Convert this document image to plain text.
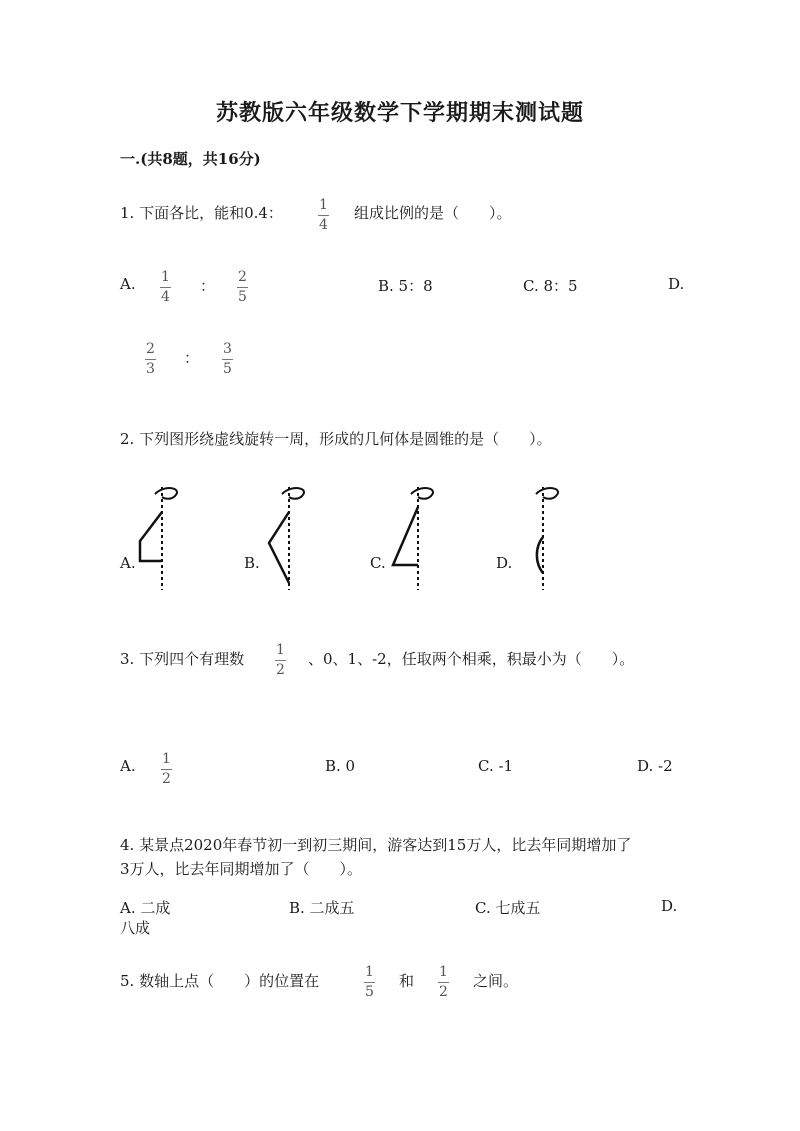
苏教版六年级数学下学期期末测试题
一.(共8题，共16分)
1. 下面各比，能和0.4：	1
4
组成比例的是（　　）。
A. 1
4
： 2
5
B. 5：8	C. 8：5	D.
2
3
： 3
5
2. 下列图形绕虚线旋转一周，形成的几何体是圆锥的是（　　）。
A.	B.	C.	D.
3. 下列四个有理数 1
2
、0、1、-2，任取两个相乘，积最小为（　　）。
A. 1
2
B. 0	C. -1	D. -2
4. 某景点2020年春节初一到初三期间，游客达到15万人，比去年同期增加了
3万人，比去年同期增加了（　　）。
A. 二成	B. 二成五	C. 七成五	D.
八成
5. 数轴上点（　　）的位置在	1
5
和 1
2
之间。
